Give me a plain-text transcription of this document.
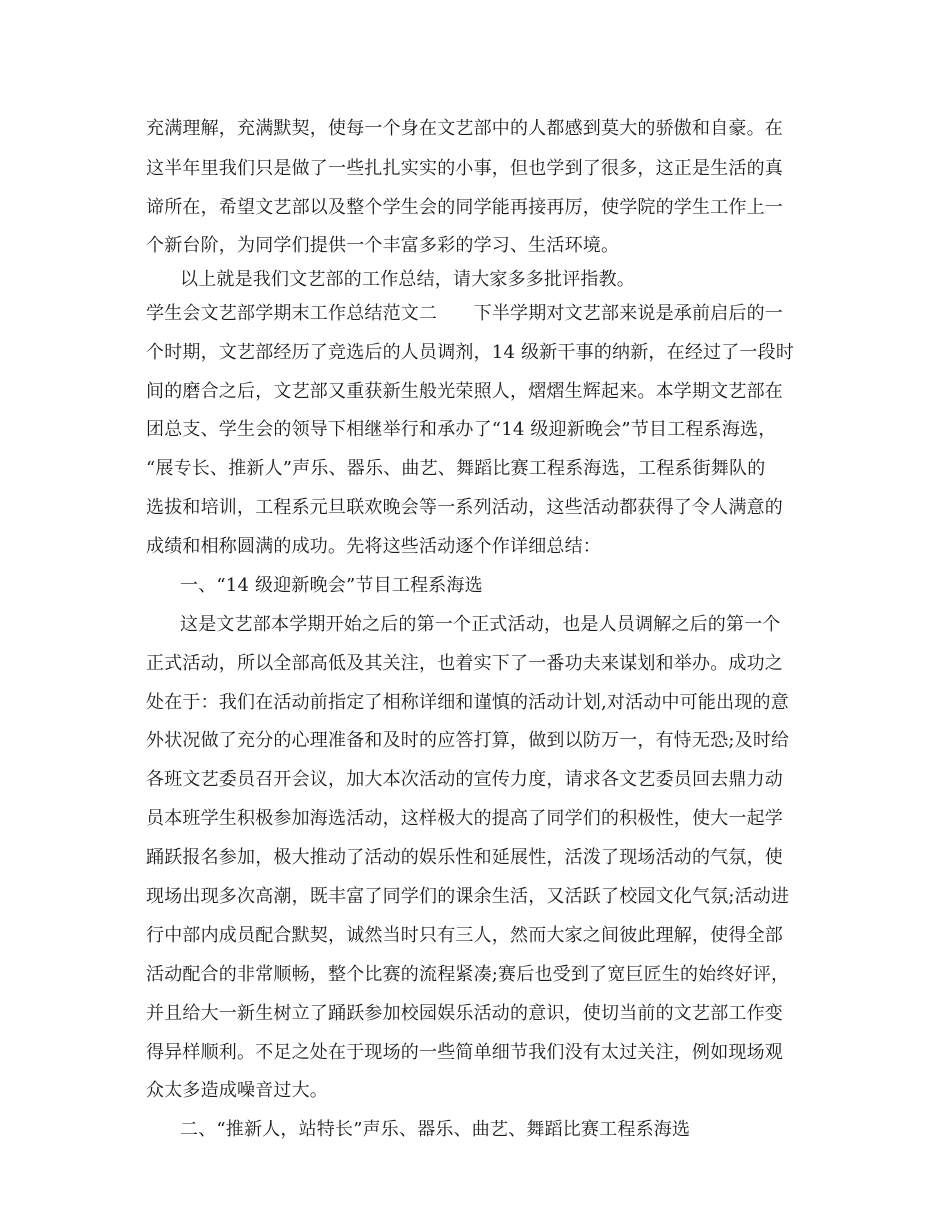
充满理解，充满默契，使每一个身在文艺部中的人都感到莫大的骄傲和自豪。在
这半年里我们只是做了一些扎扎实实的小事，但也学到了很多，这正是生活的真
谛所在，希望文艺部以及整个学生会的同学能再接再厉，使学院的学生工作上一
个新台阶，为同学们提供一个丰富多彩的学习、生活环境。
以上就是我们文艺部的工作总结，请大家多多批评指教。
学生会文艺部学期末工作总结范文二　　下半学期对文艺部来说是承前启后的一
个时期，文艺部经历了竞选后的人员调剂，14 级新干事的纳新，在经过了一段时
间的磨合之后，文艺部又重获新生般光荣照人，熠熠生辉起来。本学期文艺部在
团总支、学生会的领导下相继举行和承办了“14 级迎新晚会”节目工程系海选，
“展专长、推新人”声乐、器乐、曲艺、舞蹈比赛工程系海选，工程系街舞队的
选拔和培训，工程系元旦联欢晚会等一系列活动，这些活动都获得了令人满意的
成绩和相称圆满的成功。先将这些活动逐个作详细总结：
一、“14 级迎新晚会”节目工程系海选
这是文艺部本学期开始之后的第一个正式活动，也是人员调解之后的第一个
正式活动，所以全部高低及其关注，也着实下了一番功夫来谋划和举办。成功之
处在于：我们在活动前指定了相称详细和谨慎的活动计划,对活动中可能出现的意
外状况做了充分的心理准备和及时的应答打算，做到以防万一，有恃无恐;及时给
各班文艺委员召开会议，加大本次活动的宣传力度，请求各文艺委员回去鼎力动
员本班学生积极参加海选活动，这样极大的提高了同学们的积极性，使大一起学
踊跃报名参加，极大推动了活动的娱乐性和延展性，活泼了现场活动的气氛，使
现场出现多次高潮，既丰富了同学们的课余生活，又活跃了校园文化气氛;活动进
行中部内成员配合默契，诚然当时只有三人，然而大家之间彼此理解，使得全部
活动配合的非常顺畅，整个比赛的流程紧凑;赛后也受到了宽巨匠生的始终好评，
并且给大一新生树立了踊跃参加校园娱乐活动的意识，使切当前的文艺部工作变
得异样顺利。不足之处在于现场的一些简单细节我们没有太过关注，例如现场观
众太多造成噪音过大。
二、“推新人，站特长”声乐、器乐、曲艺、舞蹈比赛工程系海选
